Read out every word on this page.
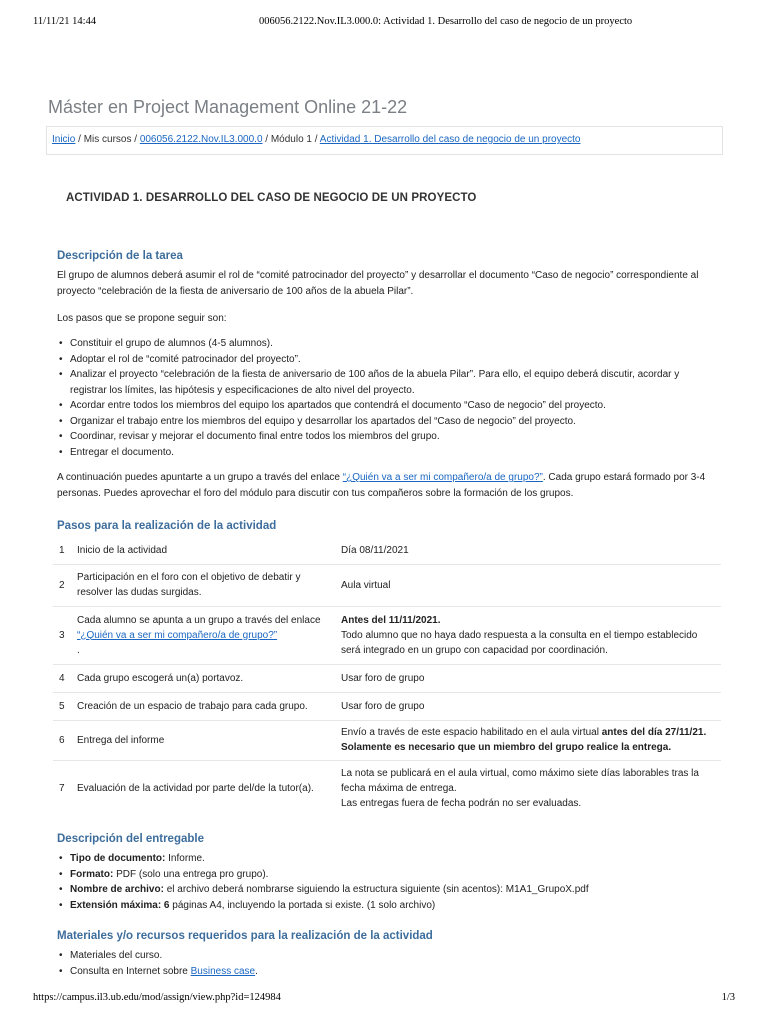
11/11/21 14:44	006056.2122.Nov.IL3.000.0: Actividad 1. Desarrollo del caso de negocio de un proyecto
Máster en Project Management Online 21-22
Inicio / Mis cursos / 006056.2122.Nov.IL3.000.0 / Módulo 1 / Actividad 1. Desarrollo del caso de negocio de un proyecto
ACTIVIDAD 1. DESARROLLO DEL CASO DE NEGOCIO DE UN PROYECTO
Descripción de la tarea

El grupo de alumnos deberá asumir el rol de “comité patrocinador del proyecto” y desarrollar el documento “Caso de negocio” correspondiente al proyecto “celebración de la fiesta de aniversario de 100 años de la abuela Pilar”.

Los pasos que se propone seguir son:

• Constituir el grupo de alumnos (4-5 alumnos).
• Adoptar el rol de “comité patrocinador del proyecto”.
• Analizar el proyecto “celebración de la fiesta de aniversario de 100 años de la abuela Pilar”. Para ello, el equipo deberá discutir, acordar y registrar los límites, las hipótesis y especificaciones de alto nivel del proyecto.
• Acordar entre todos los miembros del equipo los apartados que contendrá el documento “Caso de negocio” del proyecto.
• Organizar el trabajo entre los miembros del equipo y desarrollar los apartados del “Caso de negocio” del proyecto.
• Coordinar, revisar y mejorar el documento final entre todos los miembros del grupo.
• Entregar el documento.

A continuación puedes apuntarte a un grupo a través del enlace “¿Quién va a ser mi compañero/a de grupo?”. Cada grupo estará formado por 3-4 personas. Puedes aprovechar el foro del módulo para discutir con tus compañeros sobre la formación de los grupos.

Pasos para la realización de la actividad
1	Inicio de la actividad	Día 08/11/2021
2	Participación en el foro con el objetivo de debatir y resolver las dudas surgidas.	Aula virtual
3	Cada alumno se apunta a un grupo a través del enlace “¿Quién va a ser mi compañero/a de grupo?”
.	Antes del 11/11/2021.
Todo alumno que no haya dado respuesta a la consulta en el tiempo establecido será integrado en un grupo con capacidad por coordinación.
4	Cada grupo escogerá un(a) portavoz.	Usar foro de grupo
5	Creación de un espacio de trabajo para cada grupo.	Usar foro de grupo
6	Entrega del informe	Envío a través de este espacio habilitado en el aula virtual antes del día 27/11/21. Solamente es necesario que un miembro del grupo realice la entrega.
7	Evaluación de la actividad por parte del/de la tutor(a).	La nota se publicará en el aula virtual, como máximo siete días laborables tras la fecha máxima de entrega.
Las entregas fuera de fecha podrán no ser evaluadas.
Descripción del entregable
• Tipo de documento: Informe.
• Formato: PDF (solo una entrega pro grupo).
• Nombre de archivo: el archivo deberá nombrarse siguiendo la estructura siguiente (sin acentos): M1A1_GrupoX.pdf
• Extensión máxima: 6 páginas A4, incluyendo la portada si existe. (1 solo archivo)
Materiales y/o recursos requeridos para la realización de la actividad
• Materiales del curso.
• Consulta en Internet sobre Business case.
https://campus.il3.ub.edu/mod/assign/view.php?id=124984	1/3
